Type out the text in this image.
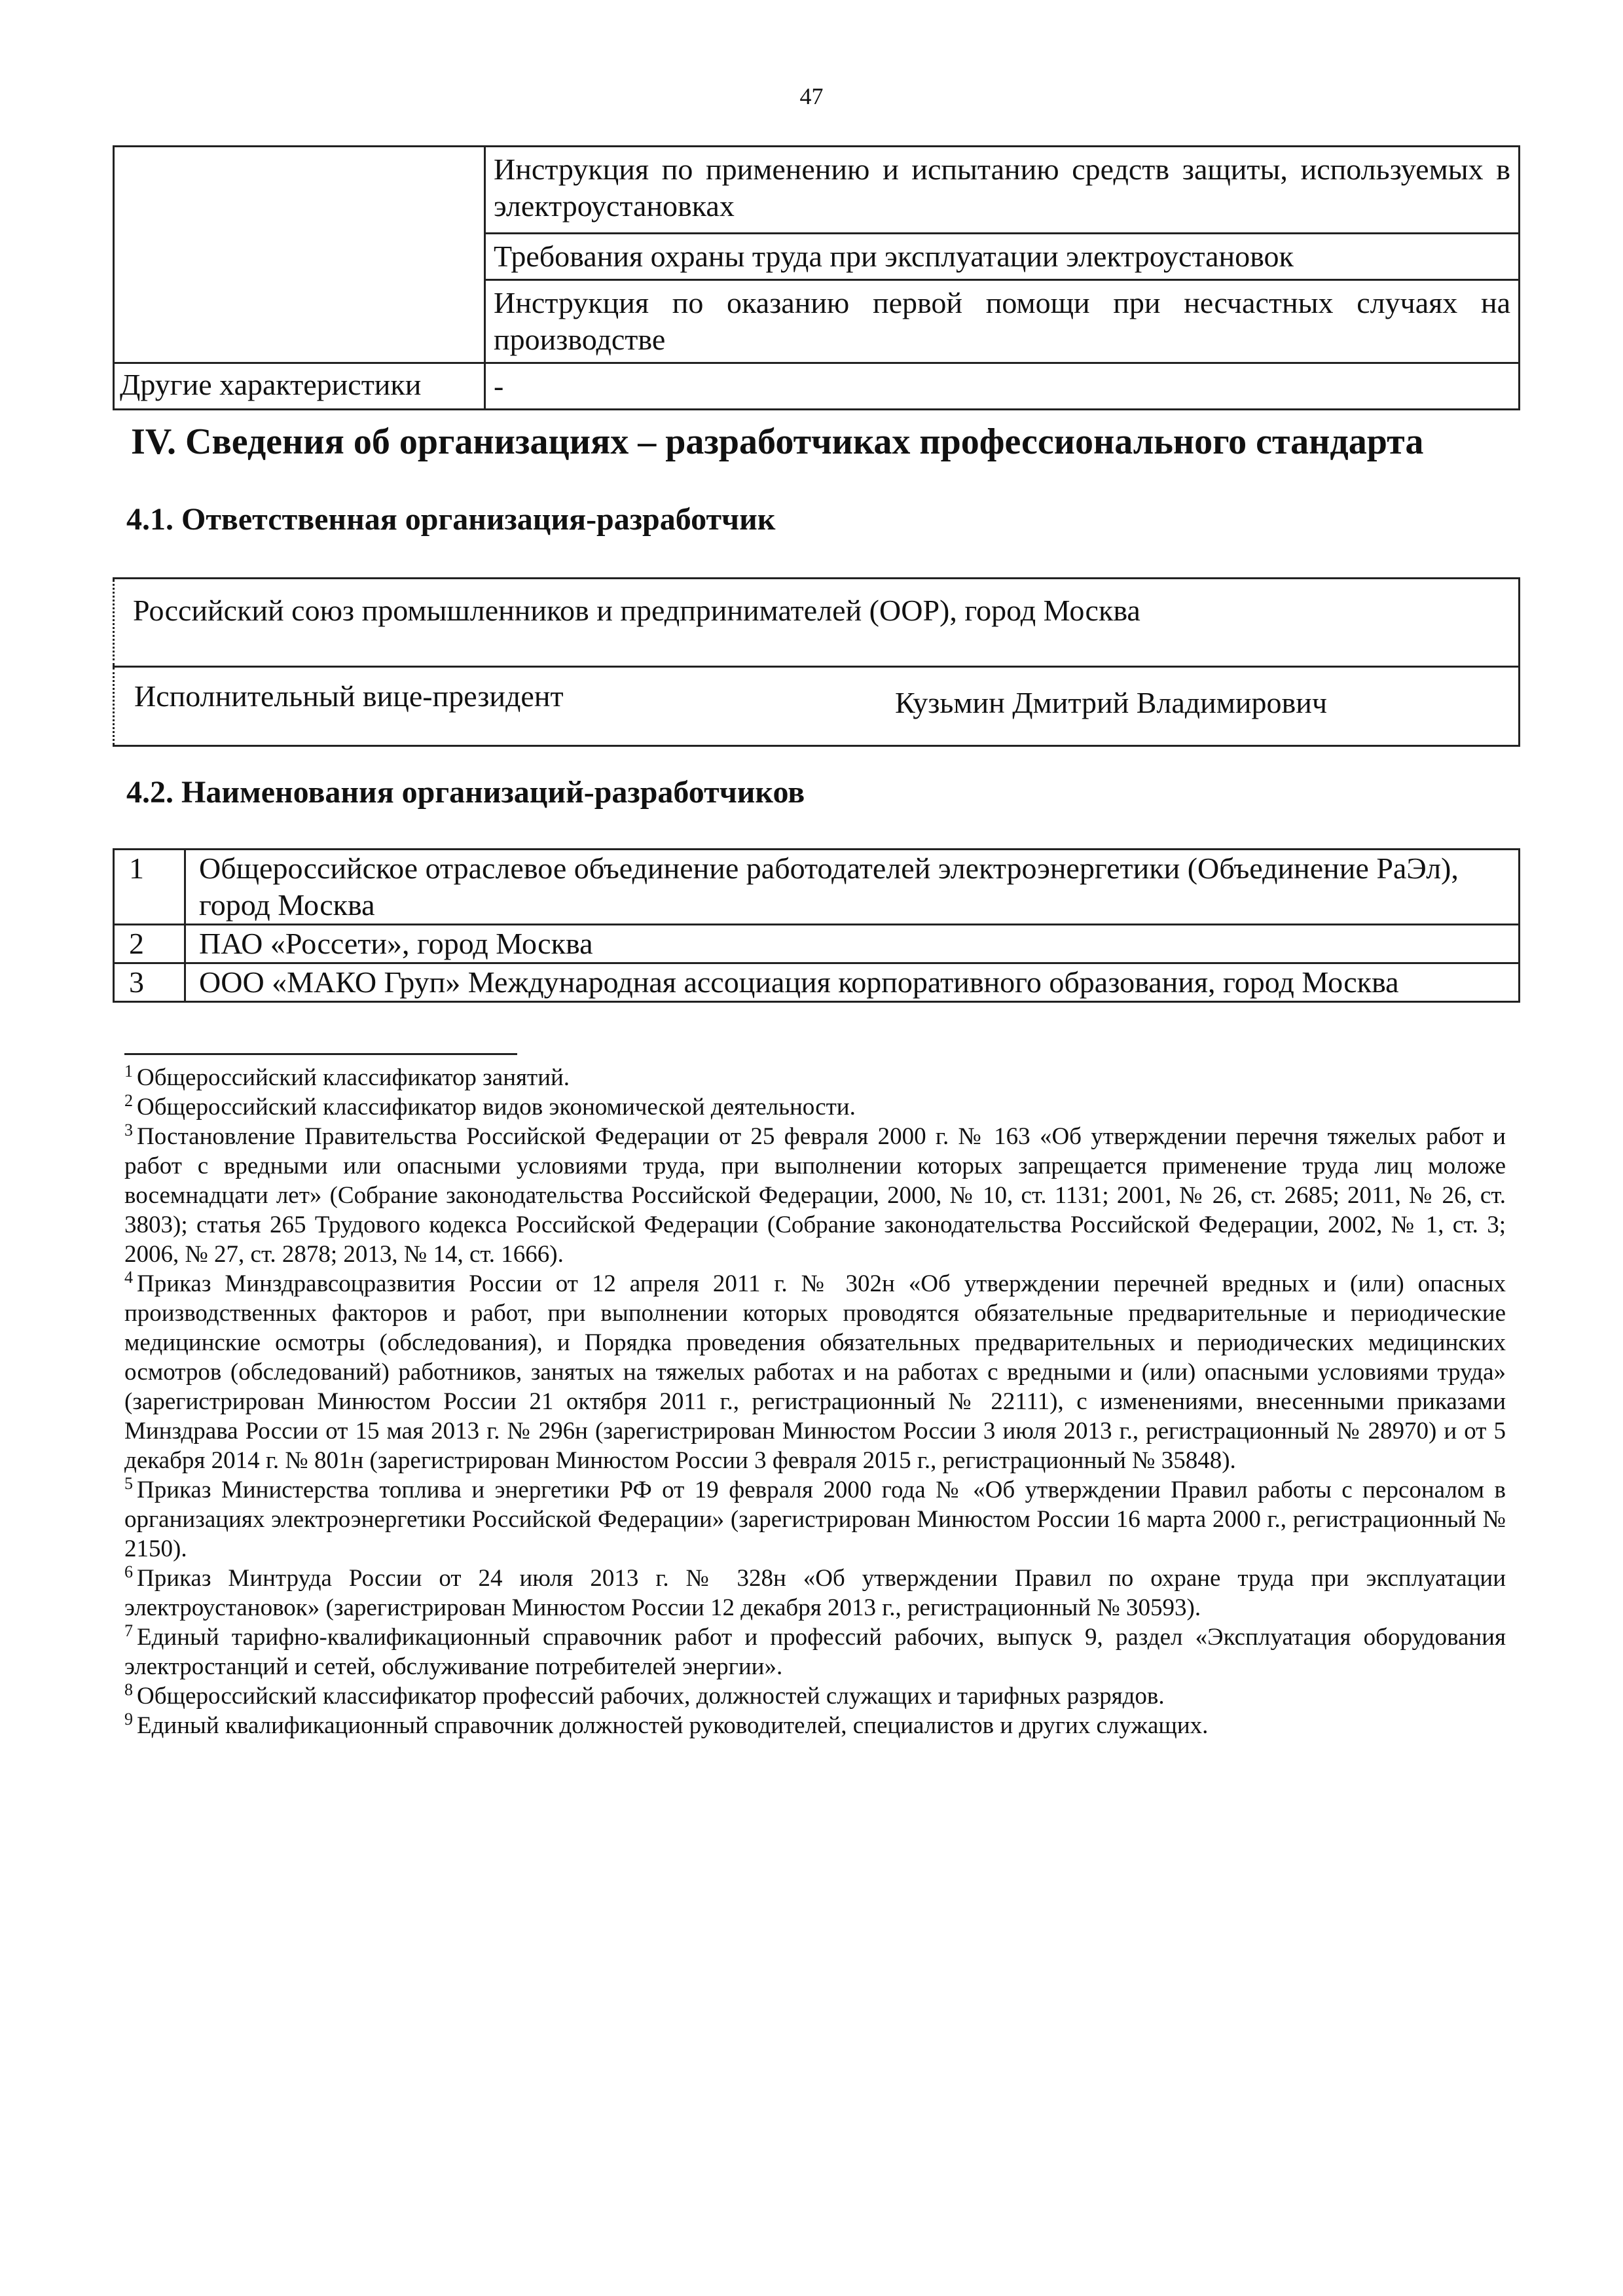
47
	Инструкция по применению и испытанию средств защиты, используемых в электроустановках
	Требования охраны труда при эксплуатации электроустановок
	Инструкция по оказанию первой помощи при несчастных случаях на производстве
Другие характеристики	-
IV. Сведения об организациях – разработчиках профессионального стандарта
4.1. Ответственная организация-разработчик
Российский союз промышленников и предпринимателей (ООР), город Москва

Исполнительный вице-президент	Кузьмин Дмитрий Владимирович
4.2. Наименования организаций-разработчиков
1	Общероссийское отраслевое объединение работодателей электроэнергетики (Объединение РаЭл), город Москва
2	ПАО «Россети», город Москва
3	ООО «МАКО Груп» Международная ассоциация корпоративного образования, город Москва

$^1$ Общероссийский классификатор занятий.

$^2$ Общероссийский классификатор видов экономической деятельности.

$^3$ Постановление Правительства Российской Федерации от 25 февраля 2000 г. № 163 «Об утверждении перечня тяжелых работ и работ с вредными или опасными условиями труда, при выполнении которых запрещается применение труда лиц моложе восемнадцати лет» (Собрание законодательства Российской Федерации, 2000, № 10, ст. 1131; 2001, № 26, ст. 2685; 2011, № 26, ст. 3803); статья 265 Трудового кодекса Российской Федерации (Собрание законодательства Российской Федерации, 2002, № 1, ст. 3; 2006, № 27, ст. 2878; 2013, № 14, ст. 1666).

$^4$ Приказ Минздравсоцразвития России от 12 апреля 2011 г. № 302н «Об утверждении перечней вредных и (или) опасных производственных факторов и работ, при выполнении которых проводятся обязательные предварительные и периодические медицинские осмотры (обследования), и Порядка проведения обязательных предварительных и периодических медицинских осмотров (обследований) работников, занятых на тяжелых работах и на работах с вредными и (или) опасными условиями труда» (зарегистрирован Минюстом России 21 октября 2011 г., регистрационный № 22111), с изменениями, внесенными приказами Минздрава России от 15 мая 2013 г. № 296н (зарегистрирован Минюстом России 3 июля 2013 г., регистрационный № 28970) и от 5 декабря 2014 г. № 801н (зарегистрирован Минюстом России 3 февраля 2015 г., регистрационный № 35848).

$^5$ Приказ Министерства топлива и энергетики РФ от 19 февраля 2000 года № «Об утверждении Правил работы с персоналом в организациях электроэнергетики Российской Федерации» (зарегистрирован Минюстом России 16 марта 2000 г., регистрационный № 2150).

$^6$ Приказ Минтруда России от 24 июля 2013 г. № 328н «Об утверждении Правил по охране труда при эксплуатации электроустановок» (зарегистрирован Минюстом России 12 декабря 2013 г., регистрационный № 30593).

$^7$ Единый тарифно-квалификационный справочник работ и профессий рабочих, выпуск 9, раздел «Эксплуатация оборудования электростанций и сетей, обслуживание потребителей энергии».

$^8$ Общероссийский классификатор профессий рабочих, должностей служащих и тарифных разрядов.

$^9$ Единый квалификационный справочник должностей руководителей, специалистов и других служащих.
